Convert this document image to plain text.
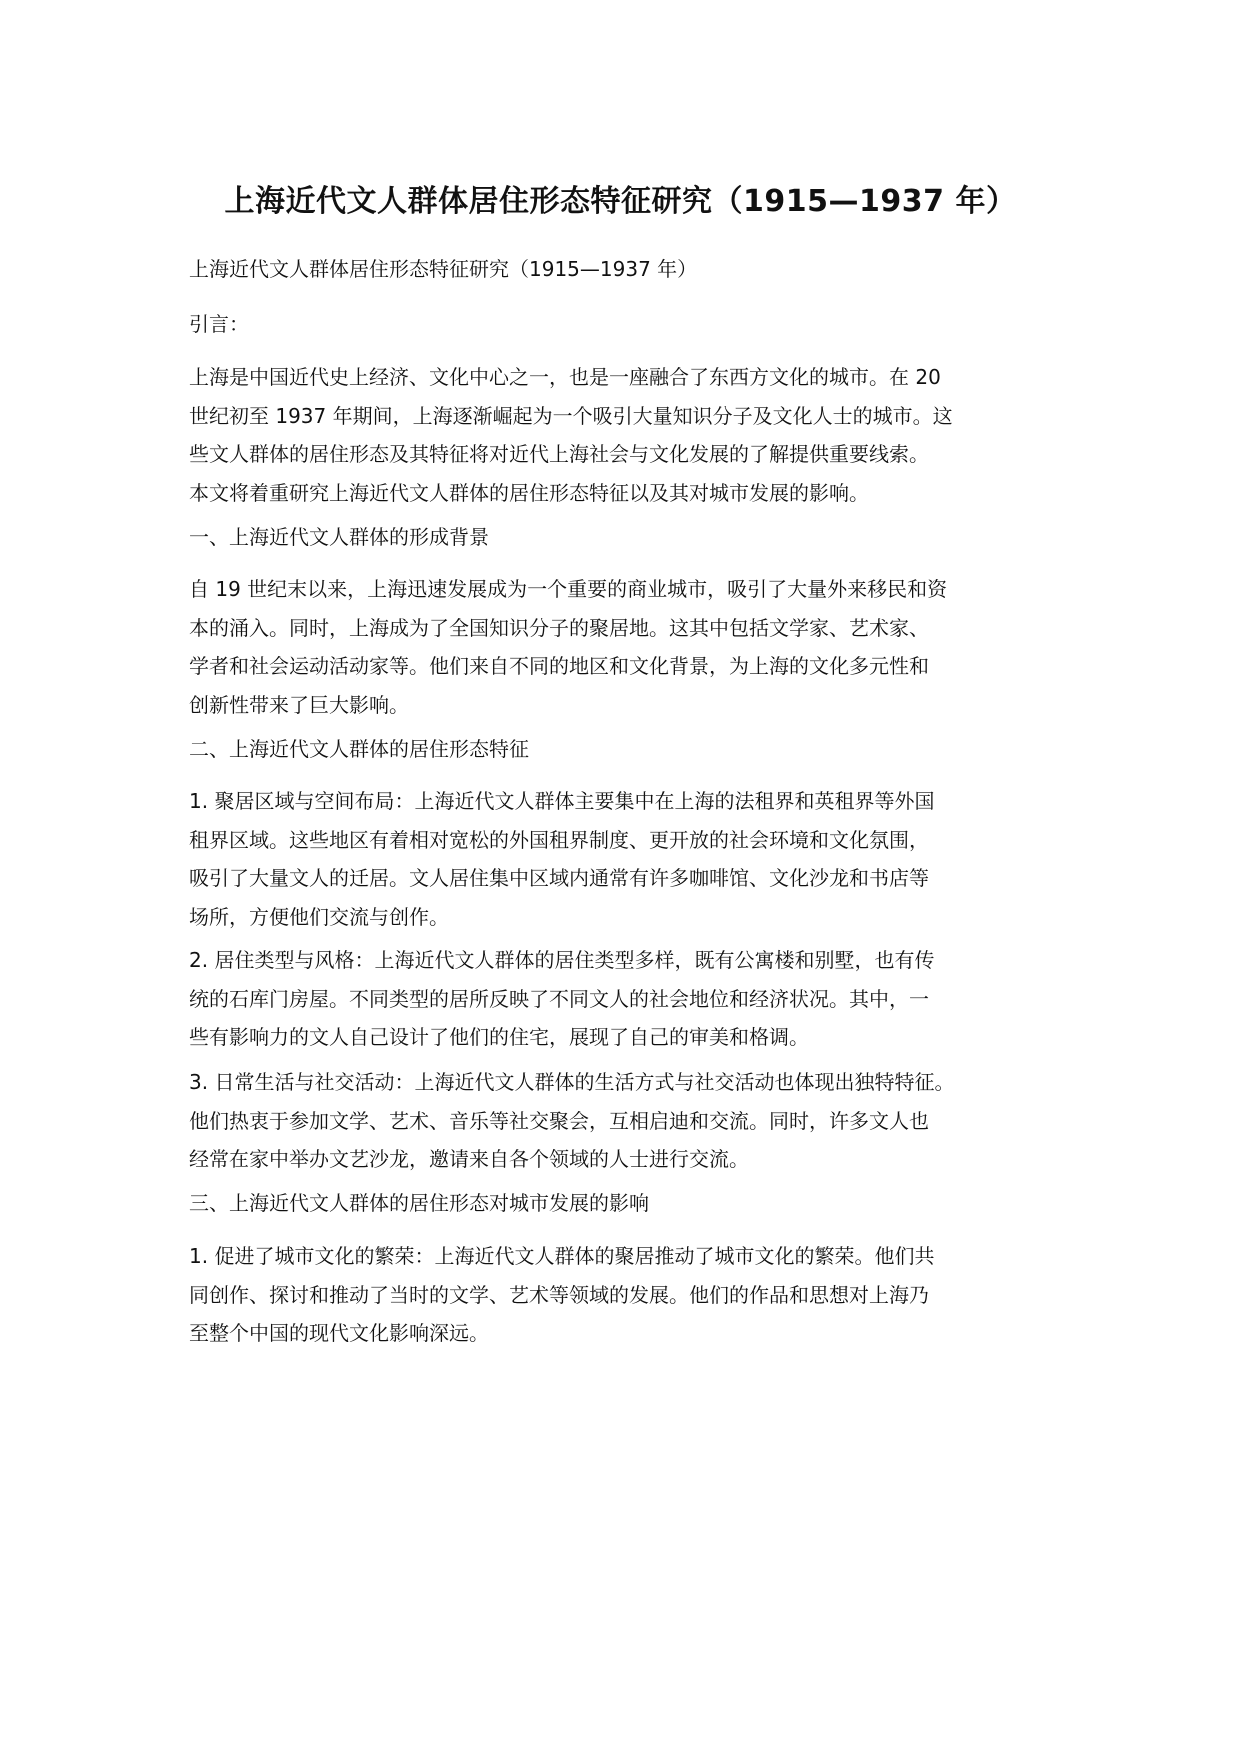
上海近代文人群体居住形态特征研究（1915—1937 年）

上海近代文人群体居住形态特征研究（1915—1937 年）

引言：

上海是中国近代史上经济、文化中心之一，也是一座融合了东西方文化的城市。在 20
世纪初至 1937 年期间，上海逐渐崛起为一个吸引大量知识分子及文化人士的城市。这
些文人群体的居住形态及其特征将对近代上海社会与文化发展的了解提供重要线索。
本文将着重研究上海近代文人群体的居住形态特征以及其对城市发展的影响。

一、上海近代文人群体的形成背景

自 19 世纪末以来，上海迅速发展成为一个重要的商业城市，吸引了大量外来移民和资
本的涌入。同时，上海成为了全国知识分子的聚居地。这其中包括文学家、艺术家、
学者和社会运动活动家等。他们来自不同的地区和文化背景，为上海的文化多元性和
创新性带来了巨大影响。

二、上海近代文人群体的居住形态特征

1. 聚居区域与空间布局：上海近代文人群体主要集中在上海的法租界和英租界等外国
租界区域。这些地区有着相对宽松的外国租界制度、更开放的社会环境和文化氛围，
吸引了大量文人的迁居。文人居住集中区域内通常有许多咖啡馆、文化沙龙和书店等
场所，方便他们交流与创作。

2. 居住类型与风格：上海近代文人群体的居住类型多样，既有公寓楼和别墅，也有传
统的石库门房屋。不同类型的居所反映了不同文人的社会地位和经济状况。其中，一
些有影响力的文人自己设计了他们的住宅，展现了自己的审美和格调。

3. 日常生活与社交活动：上海近代文人群体的生活方式与社交活动也体现出独特特征。
他们热衷于参加文学、艺术、音乐等社交聚会，互相启迪和交流。同时，许多文人也
经常在家中举办文艺沙龙，邀请来自各个领域的人士进行交流。

三、上海近代文人群体的居住形态对城市发展的影响

1. 促进了城市文化的繁荣：上海近代文人群体的聚居推动了城市文化的繁荣。他们共
同创作、探讨和推动了当时的文学、艺术等领域的发展。他们的作品和思想对上海乃
至整个中国的现代文化影响深远。
